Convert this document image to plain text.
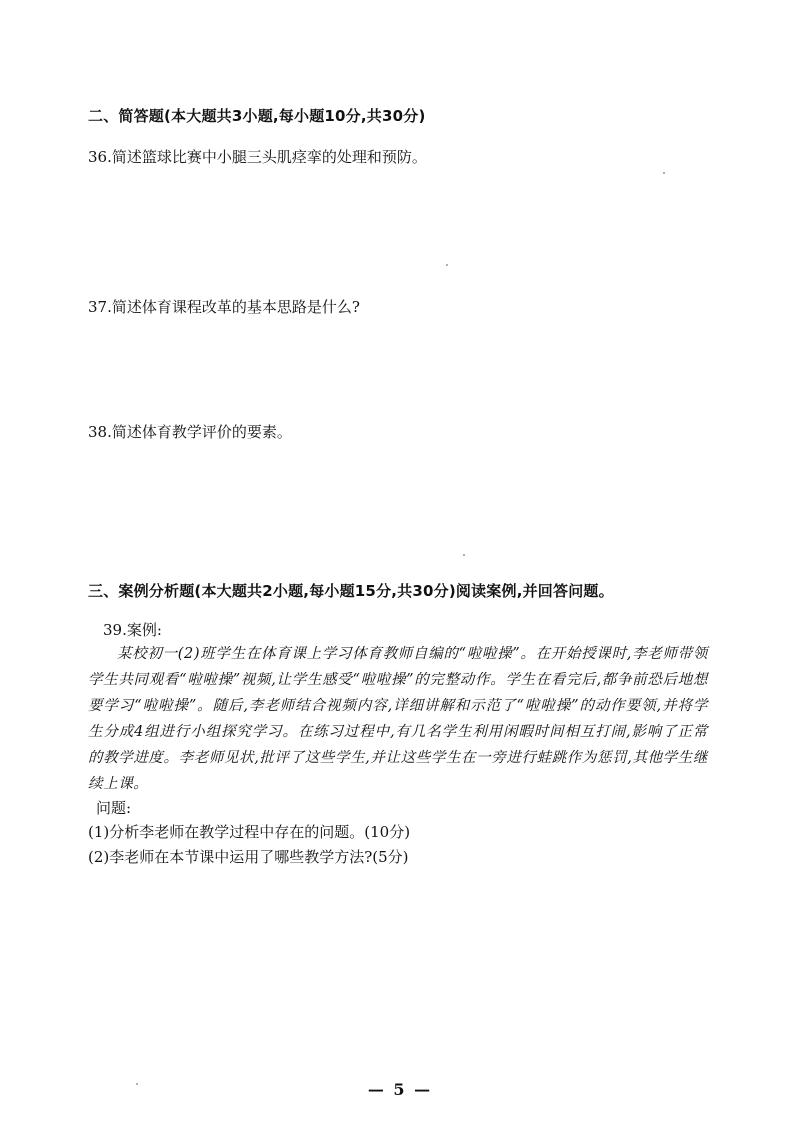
二、简答题(本大题共3小题,每小题10分,共30分)
36.简述篮球比赛中小腿三头肌痉挛的处理和预防。
37.简述体育课程改革的基本思路是什么?
38.简述体育教学评价的要素。
三、案例分析题(本大题共2小题,每小题15分,共30分)阅读案例,并回答问题。
39.案例:

某校初一(2)班学生在体育课上学习体育教师自编的“啦啦操”。在开始授课时,李老师带领学生共同观看“啦啦操”视频,让学生感受“啦啦操”的完整动作。学生在看完后,都争前恐后地想要学习“啦啦操”。随后,李老师结合视频内容,详细讲解和示范了“啦啦操”的动作要领,并将学生分成4组进行小组探究学习。在练习过程中,有几名学生利用闲暇时间相互打闹,影响了正常的教学进度。李老师见状,批评了这些学生,并让这些学生在一旁进行蛙跳作为惩罚,其他学生继续上课。

问题:
(1)分析李老师在教学过程中存在的问题。(10分)
(2)李老师在本节课中运用了哪些教学方法?(5分)
— 5 —
